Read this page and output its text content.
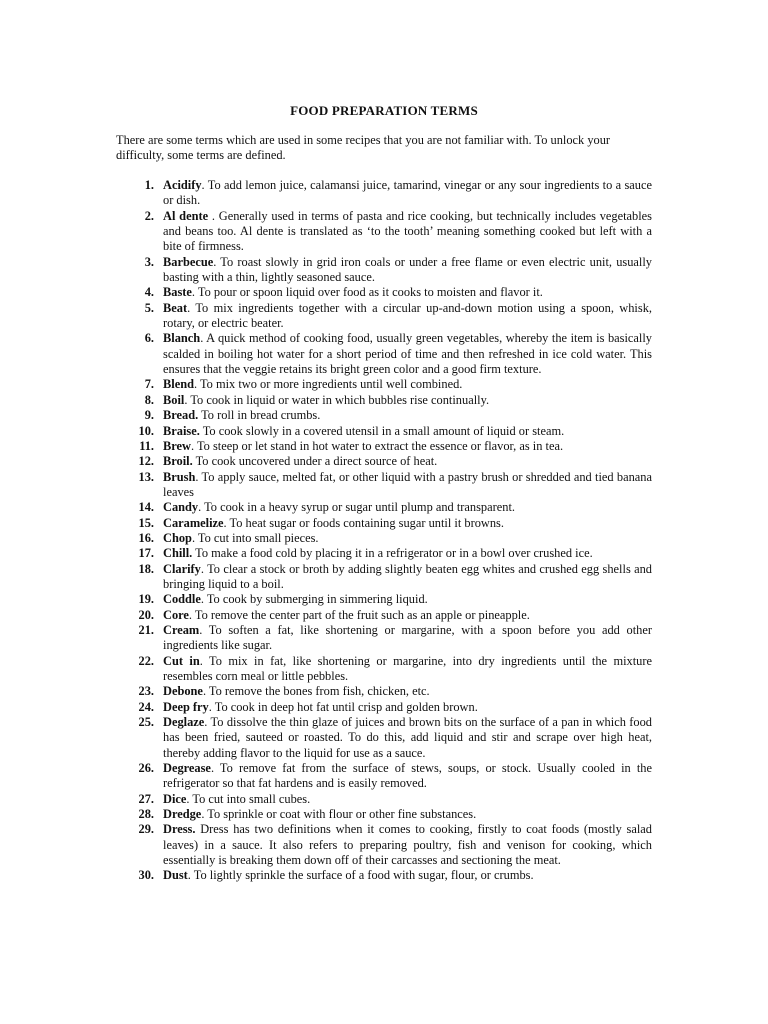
FOOD PREPARATION TERMS

There are some terms which are used in some recipes that you are not familiar with. To unlock your difficulty, some terms are defined.

1. Acidify. To add lemon juice, calamansi juice, tamarind, vinegar or any sour ingredients to a sauce or dish.
2. Al dente . Generally used in terms of pasta and rice cooking, but technically includes vegetables and beans too. Al dente is translated as ‘to the tooth’ meaning something cooked but left with a bite of firmness.
3. Barbecue. To roast slowly in grid iron coals or under a free flame or even electric unit, usually basting with a thin, lightly seasoned sauce.
4. Baste. To pour or spoon liquid over food as it cooks to moisten and flavor it.
5. Beat. To mix ingredients together with a circular up-and-down motion using a spoon, whisk, rotary, or electric beater.
6. Blanch. A quick method of cooking food, usually green vegetables, whereby the item is basically scalded in boiling hot water for a short period of time and then refreshed in ice cold water. This ensures that the veggie retains its bright green color and a good firm texture.
7. Blend. To mix two or more ingredients until well combined.
8. Boil. To cook in liquid or water in which bubbles rise continually.
9. Bread. To roll in bread crumbs.
10. Braise. To cook slowly in a covered utensil in a small amount of liquid or steam.
11. Brew. To steep or let stand in hot water to extract the essence or flavor, as in tea.
12. Broil. To cook uncovered under a direct source of heat.
13. Brush. To apply sauce, melted fat, or other liquid with a pastry brush or shredded and tied banana leaves
14. Candy. To cook in a heavy syrup or sugar until plump and transparent.
15. Caramelize. To heat sugar or foods containing sugar until it browns.
16. Chop. To cut into small pieces.
17. Chill. To make a food cold by placing it in a refrigerator or in a bowl over crushed ice.
18. Clarify. To clear a stock or broth by adding slightly beaten egg whites and crushed egg shells and bringing liquid to a boil.
19. Coddle. To cook by submerging in simmering liquid.
20. Core. To remove the center part of the fruit such as an apple or pineapple.
21. Cream. To soften a fat, like shortening or margarine, with a spoon before you add other ingredients like sugar.
22. Cut in. To mix in fat, like shortening or margarine, into dry ingredients until the mixture resembles corn meal or little pebbles.
23. Debone. To remove the bones from fish, chicken, etc.
24. Deep fry. To cook in deep hot fat until crisp and golden brown.
25. Deglaze. To dissolve the thin glaze of juices and brown bits on the surface of a pan in which food has been fried, sauteed or roasted. To do this, add liquid and stir and scrape over high heat, thereby adding flavor to the liquid for use as a sauce.
26. Degrease. To remove fat from the surface of stews, soups, or stock. Usually cooled in the refrigerator so that fat hardens and is easily removed.
27. Dice. To cut into small cubes.
28. Dredge. To sprinkle or coat with flour or other fine substances.
29. Dress. Dress has two definitions when it comes to cooking, firstly to coat foods (mostly salad leaves) in a sauce. It also refers to preparing poultry, fish and venison for cooking, which essentially is breaking them down off of their carcasses and sectioning the meat.
30. Dust. To lightly sprinkle the surface of a food with sugar, flour, or crumbs.
